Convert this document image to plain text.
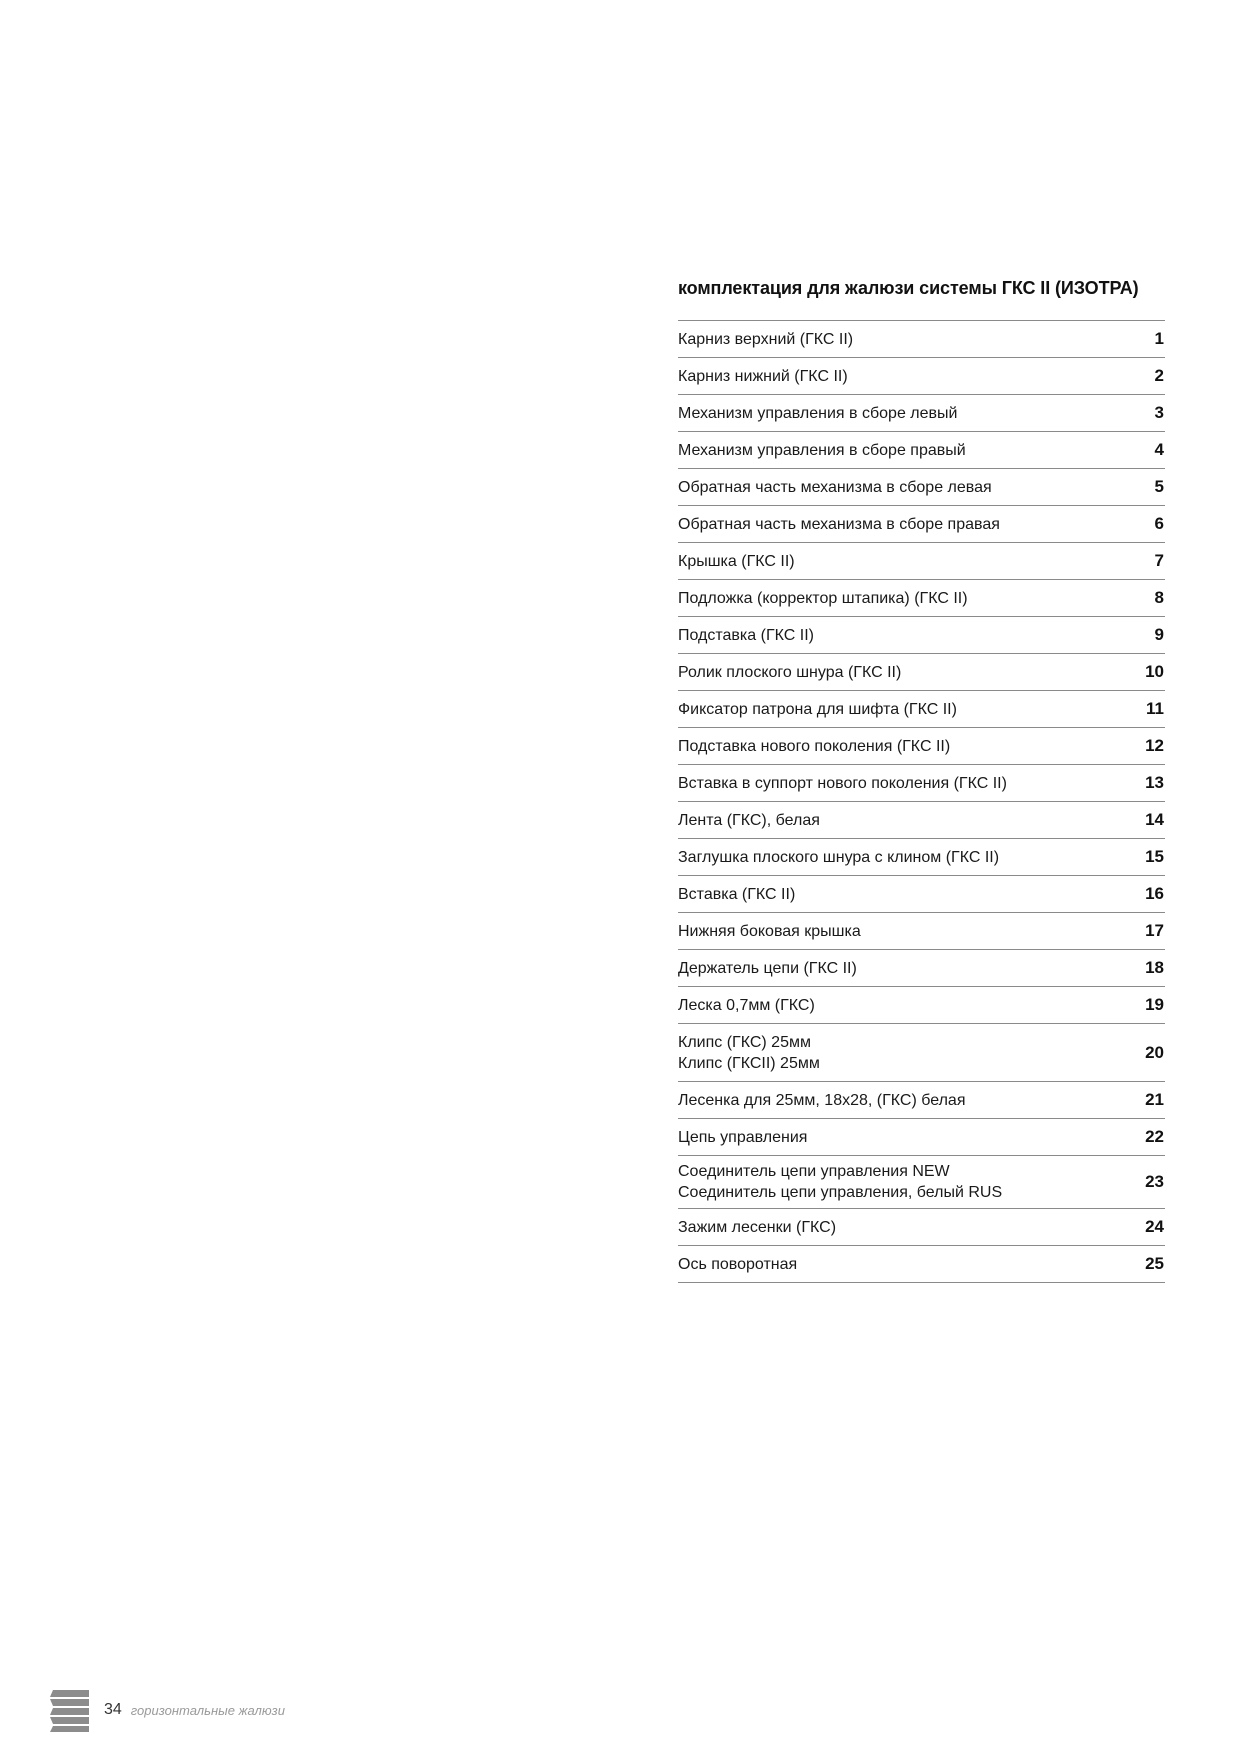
комплектация для жалюзи системы ГКС II (ИЗОТРА)
Карниз верхний (ГКС II)	1
Карниз нижний (ГКС II)	2
Механизм управления в сборе левый	3
Механизм управления в сборе правый	4
Обратная часть механизма в сборе левая	5
Обратная часть механизма в сборе правая	6
Крышка (ГКС II)	7
Подложка (корректор штапика) (ГКС II)	8
Подставка (ГКС II)	9
Ролик плоского шнура (ГКС II)	10
Фиксатор патрона для шифта (ГКС II)	11
Подставка нового поколения (ГКС II)	12
Вставка в суппорт нового поколения (ГКС II)	13
Лента (ГКС), белая	14
Заглушка плоского шнура с клином (ГКС II)	15
Вставка (ГКС II)	16
Нижняя боковая крышка	17
Держатель цепи (ГКС II)	18
Леска 0,7мм (ГКС)	19
Клипс (ГКС) 25мм
Клипс (ГКСII) 25мм
20
Лесенка для 25мм, 18х28, (ГКС) белая	21
Цепь управления	22
Соединитель цепи управления NEW
Соединитель цепи управления, белый RUS
23
Зажим лесенки (ГКС)	24
Ось поворотная	25
34 горизонтальные жалюзи
